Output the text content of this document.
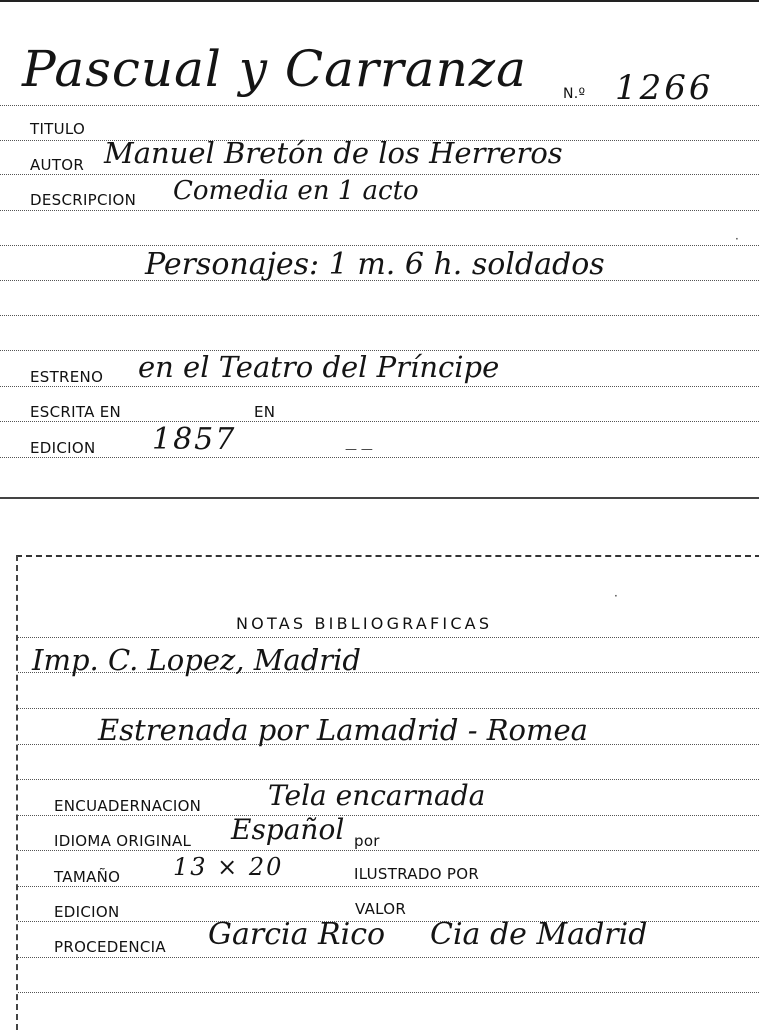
Pascual y Carranza	N.º 1266
TITULO
AUTOR Manuel Bretón de los Herreros
DESCRIPCION Comedia en 1 acto
Personajes: 1 m. 6 h. soldados
ESTRENO en el Teatro del Príncipe
ESCRITA EN	EN
EDICION 1857	— —
·
NOTAS BIBLIOGRAFICAS
Imp. C. Lopez, Madrid
Estrenada por Lamadrid - Romea
ENCUADERNACION Tela encarnada
IDIOMA ORIGINAL Español por
TAMAÑO 13 × 20	ILUSTRADO POR
EDICION	VALOR
PROCEDENCIA Garcia Rico Cia de Madrid
·
